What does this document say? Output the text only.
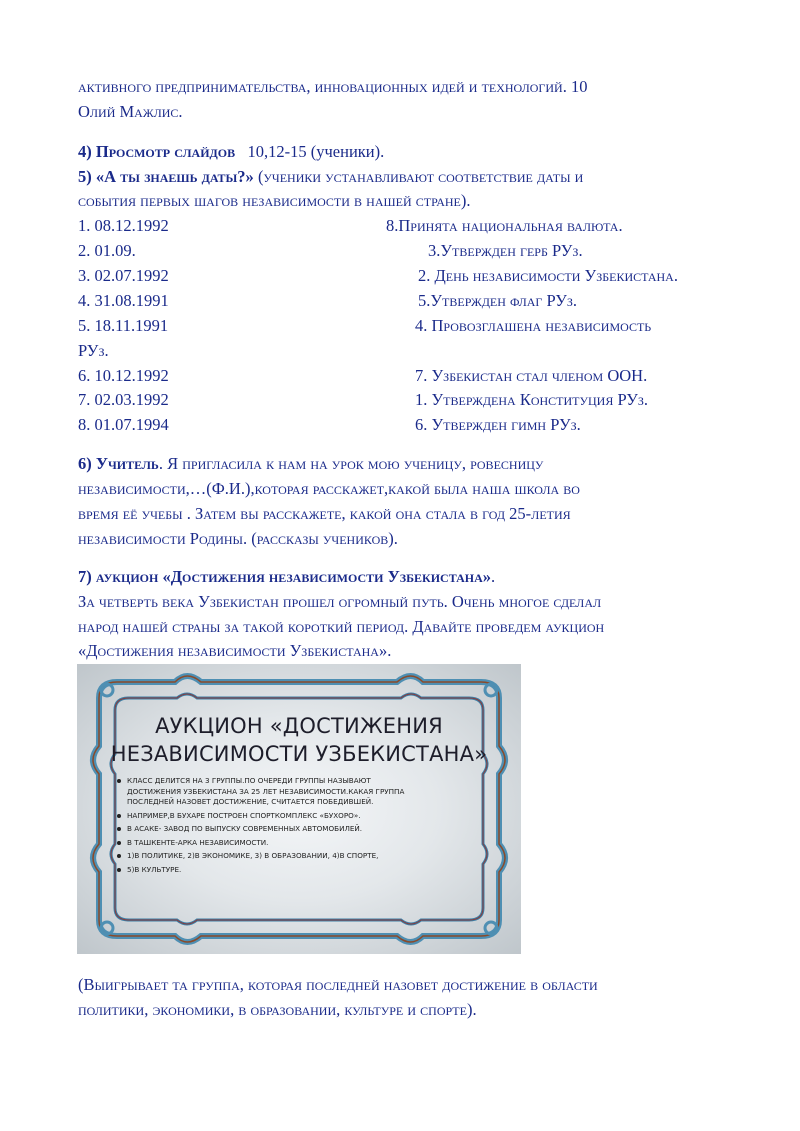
активного предпринимательства, инновационных идей и технологий. 10
Олий Мажлис.
4) Просмотр слайдов 10,12-15 (ученики).
5) «А ты знаешь даты?» (ученики устанавливают соответствие даты и
события первых шагов независимости в нашей стране).
1. 08.12.1992	8.Принята национальная валюта.
2. 01.09.	3.Утвержден герб РУз.
3. 02.07.1992	2. День независимости Узбекистана.
4. 31.08.1991	5.Утвержден флаг РУз.
5. 18.11.1991	4. Провозглашена независимость
РУз.
6. 10.12.1992	7. Узбекистан стал членом ООН.
7. 02.03.1992	1. Утверждена Конституция РУз.
8. 01.07.1994	6. Утвержден гимн РУз.
6) Учитель. Я пригласила к нам на урок мою ученицу, ровесницу
независимости,…(Ф.И.),которая расскажет,какой была наша школа во
время её учебы . Затем вы расскажете, какой она стала в год 25-летия
независимости Родины. (рассказы учеников).
7) аукцион «Достижения независимости Узбекистана».
За четверть века Узбекистан прошел огромный путь. Очень многое сделал
народ нашей страны за такой короткий период. Давайте проведем аукцион
«Достижения независимости Узбекистана».
АУКЦИОН «ДОСТИЖЕНИЯ
НЕЗАВИСИМОСТИ УЗБЕКИСТАНА»
КЛАСС ДЕЛИТСЯ НА 3 ГРУППЫ.ПО ОЧЕРЕДИ ГРУППЫ НАЗЫВАЮТ
ДОСТИЖЕНИЯ УЗБЕКИСТАНА ЗА 25 ЛЕТ НЕЗАВИСИМОСТИ.КАКАЯ ГРУППА
ПОСЛЕДНЕЙ НАЗОВЕТ ДОСТИЖЕНИЕ, СЧИТАЕТСЯ ПОБЕДИВШЕЙ.
НАПРИМЕР,В БУХАРЕ ПОСТРОЕН СПОРТКОМПЛЕКС «БУХОРО».
В АСАКЕ- ЗАВОД ПО ВЫПУСКУ СОВРЕМЕННЫХ АВТОМОБИЛЕЙ.
В ТАШКЕНТЕ-АРКА НЕЗАВИСИМОСТИ.
1)В ПОЛИТИКЕ, 2)В ЭКОНОМИКЕ, 3) В ОБРАЗОВАНИИ, 4)В СПОРТЕ,
5)В КУЛЬТУРЕ.
(Выигрывает та группа, которая последней назовет достижение в области
политики, экономики, в образовании, культуре и спорте).
